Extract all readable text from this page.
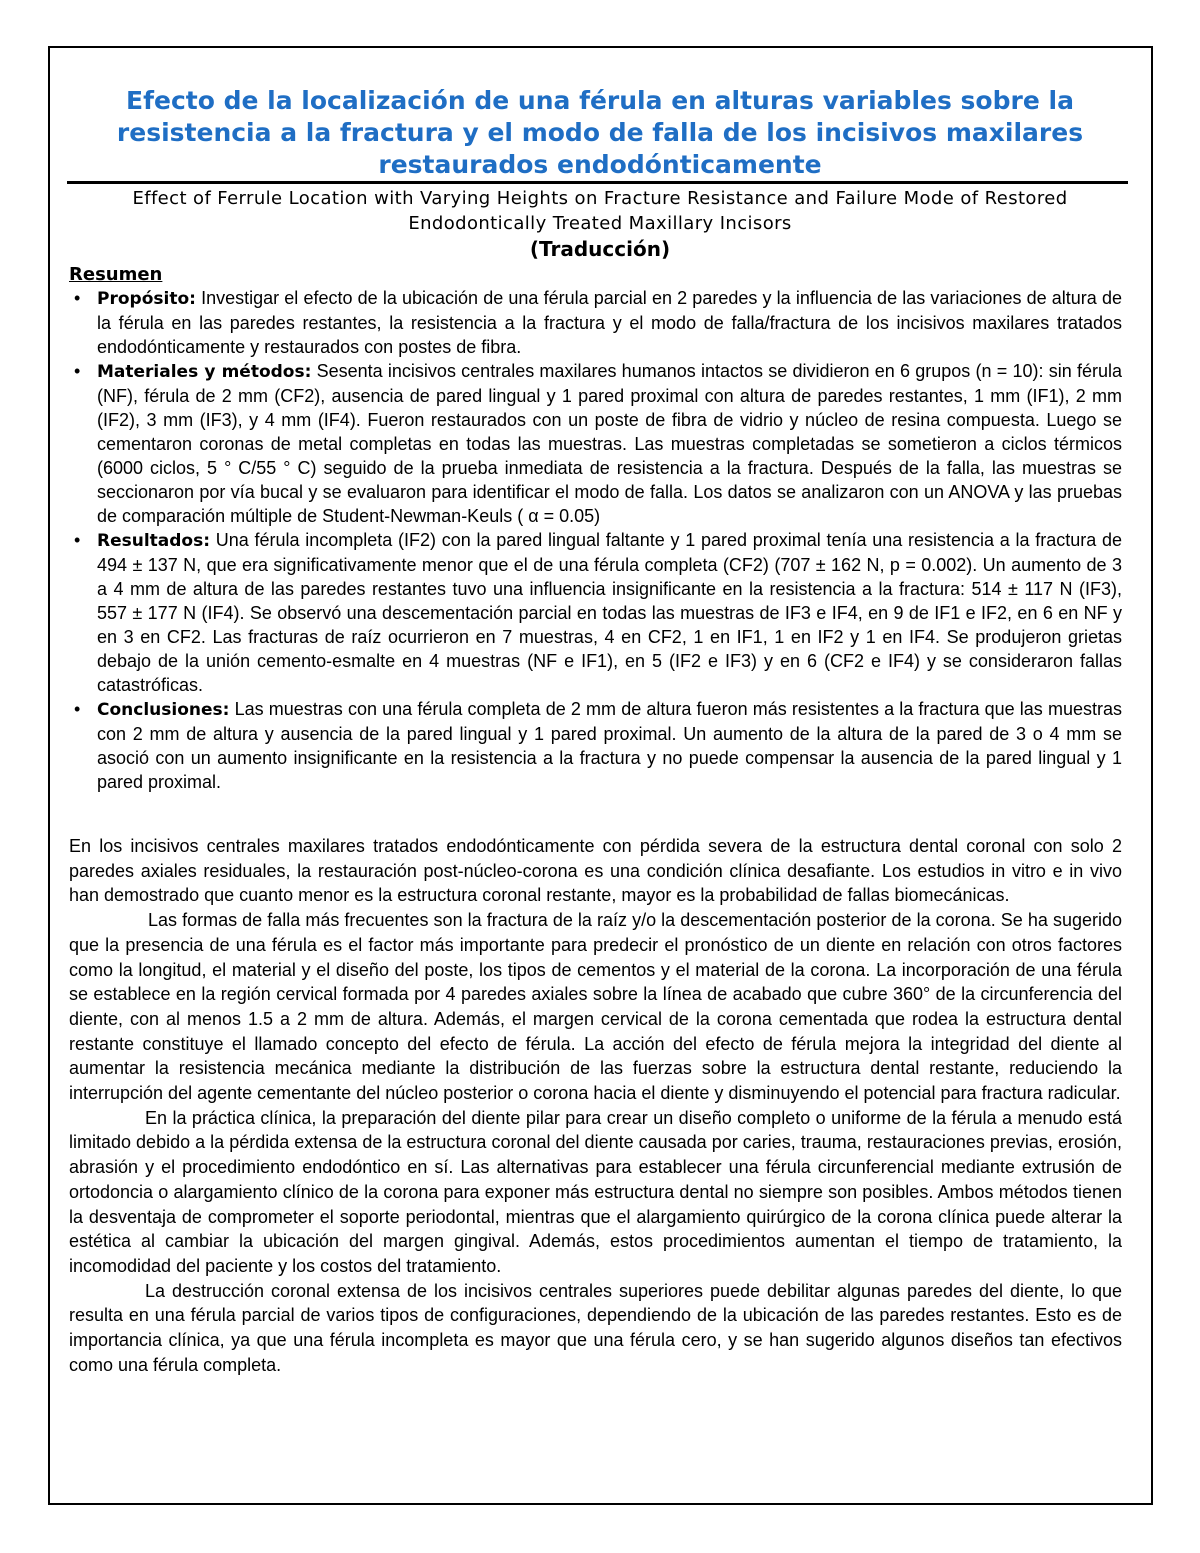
Efecto de la localización de una férula en alturas variables sobre la resistencia a la fractura y el modo de falla de los incisivos maxilares restaurados endodónticamente

Effect of Ferrule Location with Varying Heights on Fracture Resistance and Failure Mode of Restored Endodontically Treated Maxillary Incisors

(Traducción)

Resumen
• Propósito: Investigar el efecto de la ubicación de una férula parcial en 2 paredes y la influencia de las variaciones de altura de la férula en las paredes restantes, la resistencia a la fractura y el modo de falla/fractura de los incisivos maxilares tratados endodónticamente y restaurados con postes de fibra.
• Materiales y métodos: Sesenta incisivos centrales maxilares humanos intactos se dividieron en 6 grupos (n = 10): sin férula (NF), férula de 2 mm (CF2), ausencia de pared lingual y 1 pared proximal con altura de paredes restantes, 1 mm (IF1), 2 mm (IF2), 3 mm (IF3), y 4 mm (IF4). Fueron restaurados con un poste de fibra de vidrio y núcleo de resina compuesta. Luego se cementaron coronas de metal completas en todas las muestras. Las muestras completadas se sometieron a ciclos térmicos (6000 ciclos, 5 ° C/55 ° C) seguido de la prueba inmediata de resistencia a la fractura. Después de la falla, las muestras se seccionaron por vía bucal y se evaluaron para identificar el modo de falla. Los datos se analizaron con un ANOVA y las pruebas de comparación múltiple de Student-Newman-Keuls ( α = 0.05)
• Resultados: Una férula incompleta (IF2) con la pared lingual faltante y 1 pared proximal tenía una resistencia a la fractura de 494 ± 137 N, que era significativamente menor que el de una férula completa (CF2) (707 ± 162 N, p = 0.002). Un aumento de 3 a 4 mm de altura de las paredes restantes tuvo una influencia insignificante en la resistencia a la fractura: 514 ± 117 N (IF3), 557 ± 177 N (IF4). Se observó una descementación parcial en todas las muestras de IF3 e IF4, en 9 de IF1 e IF2, en 6 en NF y en 3 en CF2. Las fracturas de raíz ocurrieron en 7 muestras, 4 en CF2, 1 en IF1, 1 en IF2 y 1 en IF4. Se produjeron grietas debajo de la unión cemento-esmalte en 4 muestras (NF e IF1), en 5 (IF2 e IF3) y en 6 (CF2 e IF4) y se consideraron fallas catastróficas.
• Conclusiones: Las muestras con una férula completa de 2 mm de altura fueron más resistentes a la fractura que las muestras con 2 mm de altura y ausencia de la pared lingual y 1 pared proximal. Un aumento de la altura de la pared de 3 o 4 mm se asoció con un aumento insignificante en la resistencia a la fractura y no puede compensar la ausencia de la pared lingual y 1 pared proximal.

En los incisivos centrales maxilares tratados endodónticamente con pérdida severa de la estructura dental coronal con solo 2 paredes axiales residuales, la restauración post-núcleo-corona es una condición clínica desafiante. Los estudios in vitro e in vivo han demostrado que cuanto menor es la estructura coronal restante, mayor es la probabilidad de fallas biomecánicas.

Las formas de falla más frecuentes son la fractura de la raíz y/o la descementación posterior de la corona. Se ha sugerido que la presencia de una férula es el factor más importante para predecir el pronóstico de un diente en relación con otros factores como la longitud, el material y el diseño del poste, los tipos de cementos y el material de la corona. La incorporación de una férula se establece en la región cervical formada por 4 paredes axiales sobre la línea de acabado que cubre 360° de la circunferencia del diente, con al menos 1.5 a 2 mm de altura. Además, el margen cervical de la corona cementada que rodea la estructura dental restante constituye el llamado concepto del efecto de férula. La acción del efecto de férula mejora la integridad del diente al aumentar la resistencia mecánica mediante la distribución de las fuerzas sobre la estructura dental restante, reduciendo la interrupción del agente cementante del núcleo posterior o corona hacia el diente y disminuyendo el potencial para fractura radicular.

En la práctica clínica, la preparación del diente pilar para crear un diseño completo o uniforme de la férula a menudo está limitado debido a la pérdida extensa de la estructura coronal del diente causada por caries, trauma, restauraciones previas, erosión, abrasión y el procedimiento endodóntico en sí. Las alternativas para establecer una férula circunferencial mediante extrusión de ortodoncia o alargamiento clínico de la corona para exponer más estructura dental no siempre son posibles. Ambos métodos tienen la desventaja de comprometer el soporte periodontal, mientras que el alargamiento quirúrgico de la corona clínica puede alterar la estética al cambiar la ubicación del margen gingival. Además, estos procedimientos aumentan el tiempo de tratamiento, la incomodidad del paciente y los costos del tratamiento.

La destrucción coronal extensa de los incisivos centrales superiores puede debilitar algunas paredes del diente, lo que resulta en una férula parcial de varios tipos de configuraciones, dependiendo de la ubicación de las paredes restantes. Esto es de importancia clínica, ya que una férula incompleta es mayor que una férula cero, y se han sugerido algunos diseños tan efectivos como una férula completa.
